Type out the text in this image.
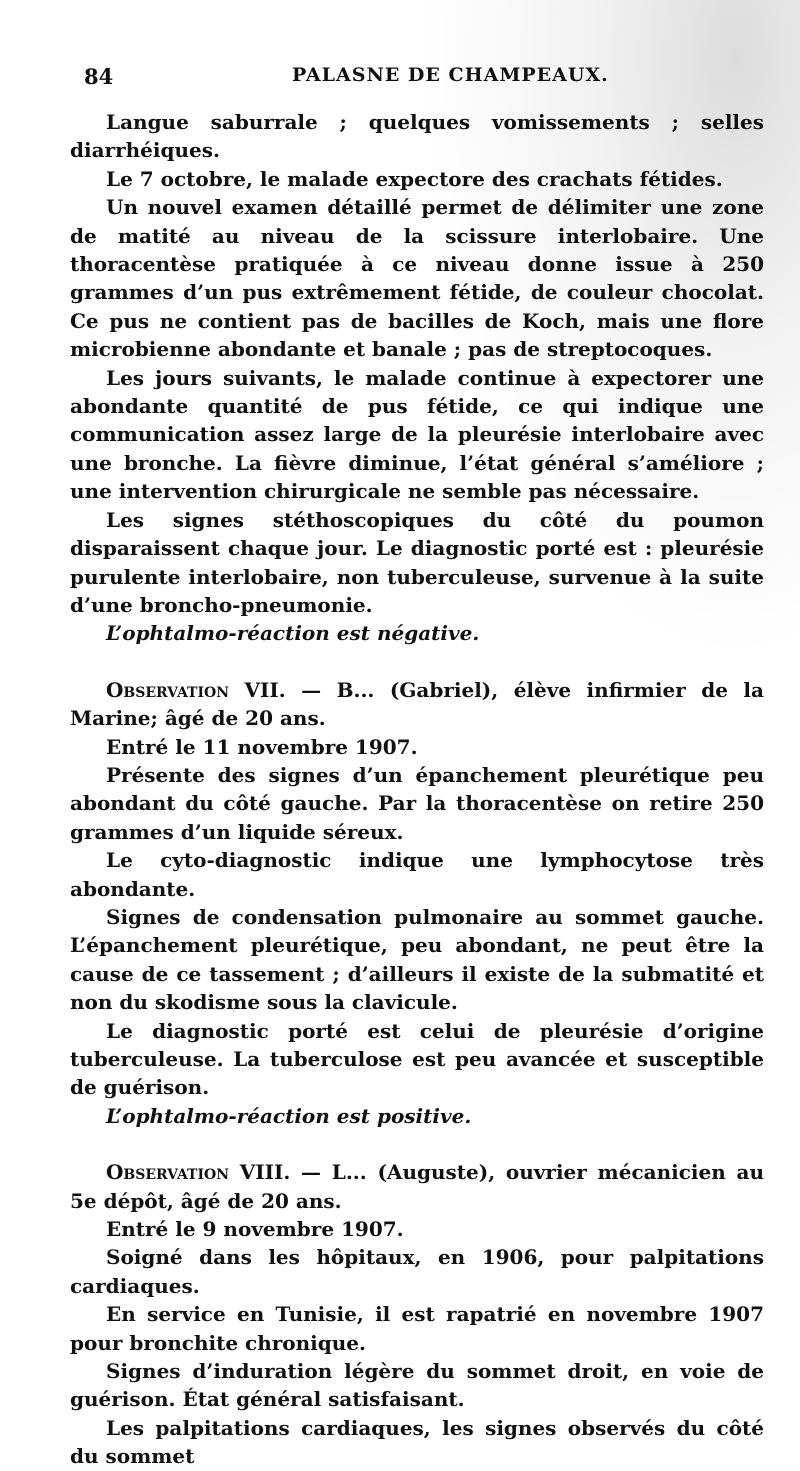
84	PALASNE DE CHAMPEAUX.

Langue saburrale ; quelques vomissements ; selles diarrhéiques.

Le 7 octobre, le malade expectore des crachats fétides.

Un nouvel examen détaillé permet de délimiter une zone de matité au niveau de la scissure interlobaire. Une thoracentèse pratiquée à ce niveau donne issue à 250 grammes d’un pus extrêmement fétide, de couleur chocolat. Ce pus ne contient pas de bacilles de Koch, mais une flore microbienne abondante et banale ; pas de streptocoques.

Les jours suivants, le malade continue à expectorer une abondante quantité de pus fétide, ce qui indique une communication assez large de la pleurésie interlobaire avec une bronche. La fièvre diminue, l’état général s’améliore ; une intervention chirurgicale ne semble pas nécessaire.

Les signes stéthoscopiques du côté du poumon disparaissent chaque jour. Le diagnostic porté est : pleurésie purulente interlobaire, non tuberculeuse, survenue à la suite d’une broncho-pneumonie.

L’ophtalmo-réaction est négative.

Observation VII. — B... (Gabriel), élève infirmier de la Marine; âgé de 20 ans.

Entré le 11 novembre 1907.

Présente des signes d’un épanchement pleurétique peu abondant du côté gauche. Par la thoracentèse on retire 250 grammes d’un liquide séreux.

Le cyto-diagnostic indique une lymphocytose très abondante.

Signes de condensation pulmonaire au sommet gauche. L’épanchement pleurétique, peu abondant, ne peut être la cause de ce tassement ; d’ailleurs il existe de la submatité et non du skodisme sous la clavicule.

Le diagnostic porté est celui de pleurésie d’origine tuberculeuse. La tuberculose est peu avancée et susceptible de guérison.

L’ophtalmo-réaction est positive.

Observation VIII. — L... (Auguste), ouvrier mécanicien au 5e dépôt, âgé de 20 ans.

Entré le 9 novembre 1907.

Soigné dans les hôpitaux, en 1906, pour palpitations cardiaques.

En service en Tunisie, il est rapatrié en novembre 1907 pour bronchite chronique.

Signes d’induration légère du sommet droit, en voie de guérison. État général satisfaisant.

Les palpitations cardiaques, les signes observés du côté du sommet
